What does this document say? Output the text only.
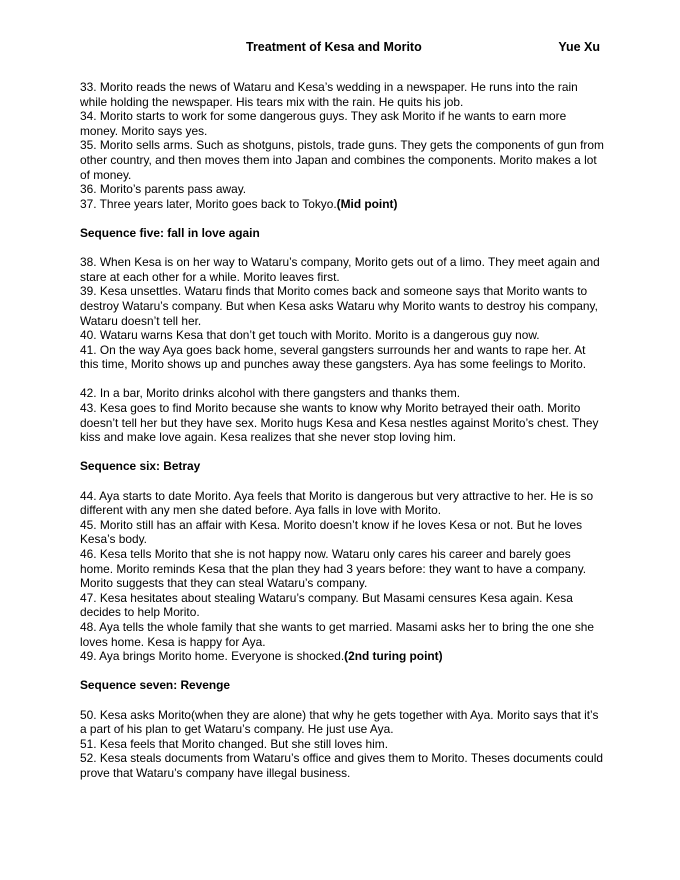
Treatment of Kesa and Morito	Yue Xu

33. Morito reads the news of Wataru and Kesa’s wedding in a newspaper. He runs into the rain while holding the newspaper. His tears mix with the rain. He quits his job.

34. Morito starts to work for some dangerous guys. They ask Morito if he wants to earn more money. Morito says yes.

35. Morito sells arms. Such as shotguns, pistols, trade guns. They gets the components of gun from other country, and then moves them into Japan and combines the components. Morito makes a lot of money.

36. Morito’s parents pass away.

37. Three years later, Morito goes back to Tokyo.(Mid point)

Sequence five: fall in love again

38. When Kesa is on her way to Wataru’s company, Morito gets out of a limo. They meet again and stare at each other for a while. Morito leaves first.

39. Kesa unsettles. Wataru finds that Morito comes back and someone says that Morito wants to destroy Wataru’s company. But when Kesa asks Wataru why Morito wants to destroy his company, Wataru doesn’t tell her.

40. Wataru warns Kesa that don’t get touch with Morito. Morito is a dangerous guy now.

41. On the way Aya goes back home, several gangsters surrounds her and wants to rape her. At this time, Morito shows up and punches away these gangsters. Aya has some feelings to Morito.

42. In a bar, Morito drinks alcohol with there gangsters and thanks them.

43. Kesa goes to find Morito because she wants to know why Morito betrayed their oath. Morito doesn’t tell her but they have sex. Morito hugs Kesa and Kesa nestles against Morito’s chest. They kiss and make love again. Kesa realizes that she never stop loving him.

Sequence six: Betray

44. Aya starts to date Morito. Aya feels that Morito is dangerous but very attractive to her. He is so different with any men she dated before. Aya falls in love with Morito.

45. Morito still has an affair with Kesa. Morito doesn’t know if he loves Kesa or not. But he loves Kesa’s body.

46. Kesa tells Morito that she is not happy now. Wataru only cares his career and barely goes home. Morito reminds Kesa that the plan they had 3 years before: they want to have a company. Morito suggests that they can steal Wataru’s company.

47. Kesa hesitates about stealing Wataru’s company. But Masami censures Kesa again. Kesa decides to help Morito.

48. Aya tells the whole family that she wants to get married. Masami asks her to bring the one she loves home. Kesa is happy for Aya.

49. Aya brings Morito home. Everyone is shocked.(2nd turing point)

Sequence seven: Revenge

50. Kesa asks Morito(when they are alone) that why he gets together with Aya. Morito says that it’s a part of his plan to get Wataru’s company. He just use Aya.

51. Kesa feels that Morito changed. But she still loves him.

52. Kesa steals documents from Wataru’s office and gives them to Morito. Theses documents could prove that Wataru’s company have illegal business.
